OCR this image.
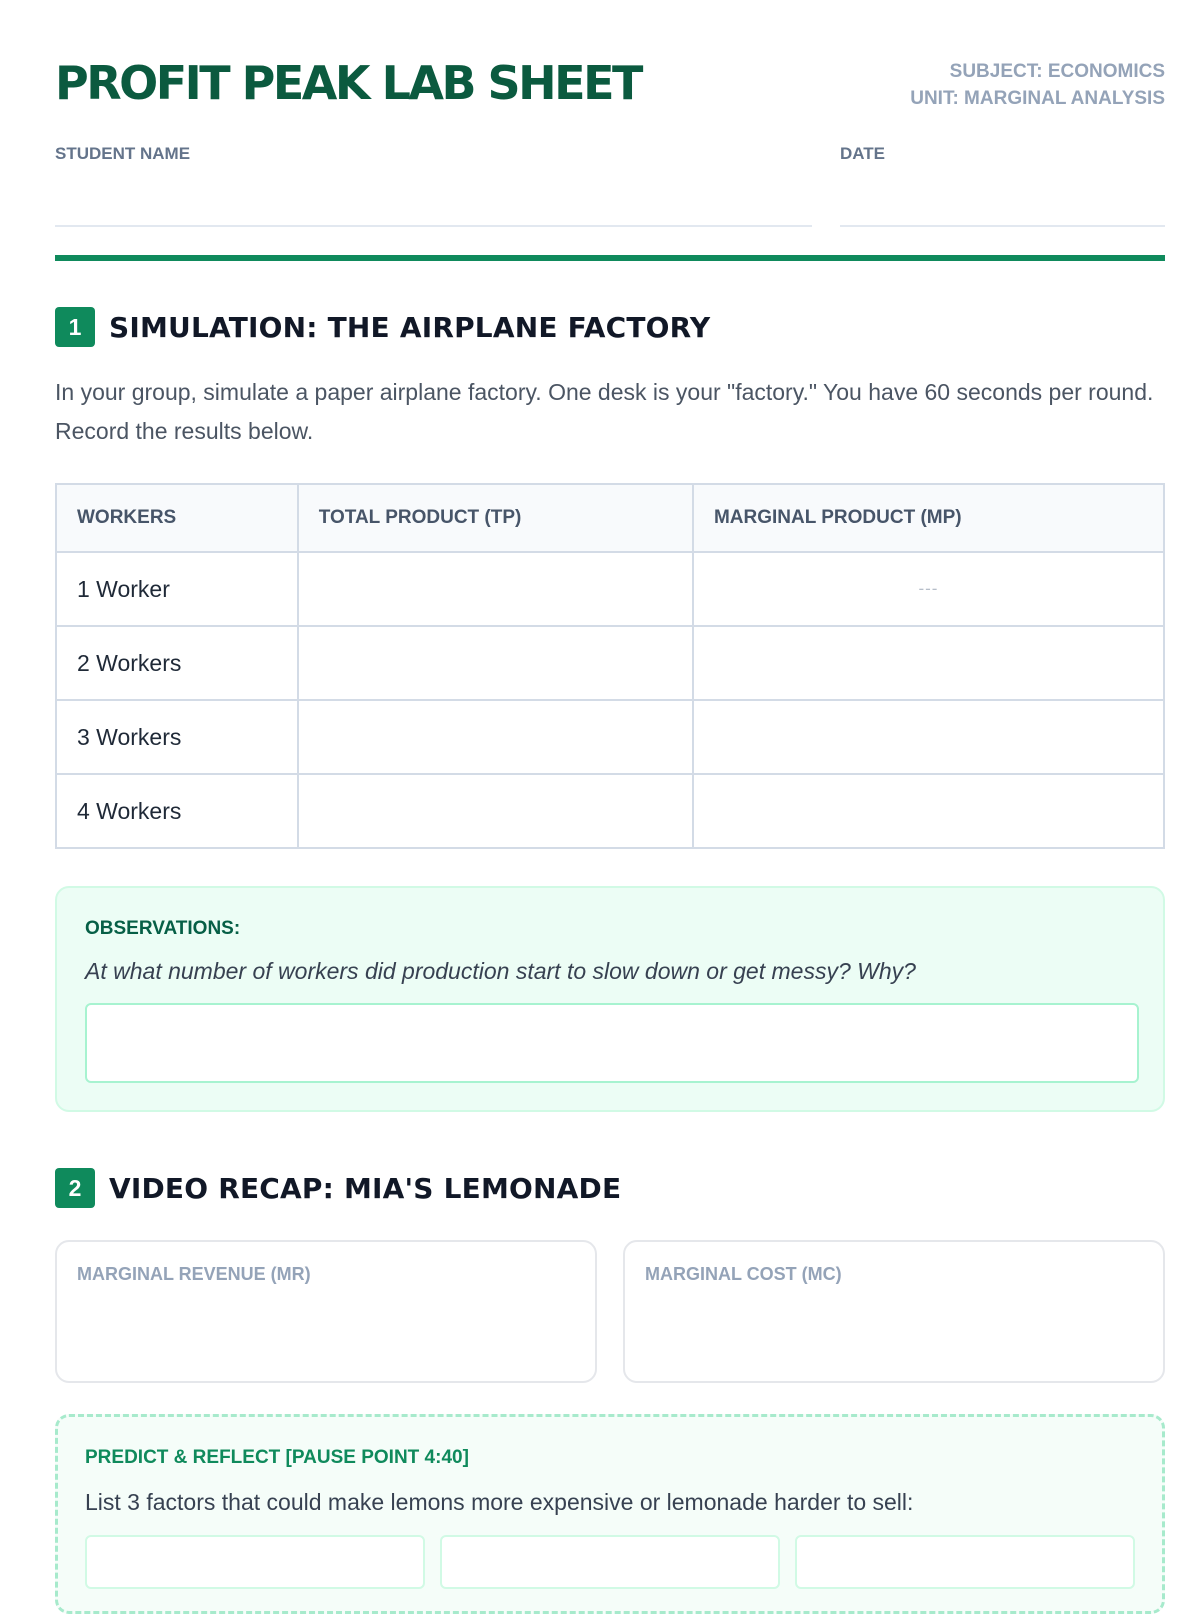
PROFIT PEAK LAB SHEET	SUBJECT: ECONOMICS
UNIT: MARGINAL ANALYSIS
STUDENT NAME	DATE
1 SIMULATION: THE AIRPLANE FACTORY

In your group, simulate a paper airplane factory. One desk is your "factory." You have 60 seconds per round. Record the results below.

WORKERS	TOTAL PRODUCT (TP)	MARGINAL PRODUCT (MP)
1 Worker		---
2 Workers		
3 Workers		
4 Workers		
OBSERVATIONS:
At what number of workers did production start to slow down or get messy? Why?
2 VIDEO RECAP: MIA'S LEMONADE
MARGINAL REVENUE (MR)	MARGINAL COST (MC)
PREDICT & REFLECT [PAUSE POINT 4:40]
List 3 factors that could make lemons more expensive or lemonade harder to sell:
